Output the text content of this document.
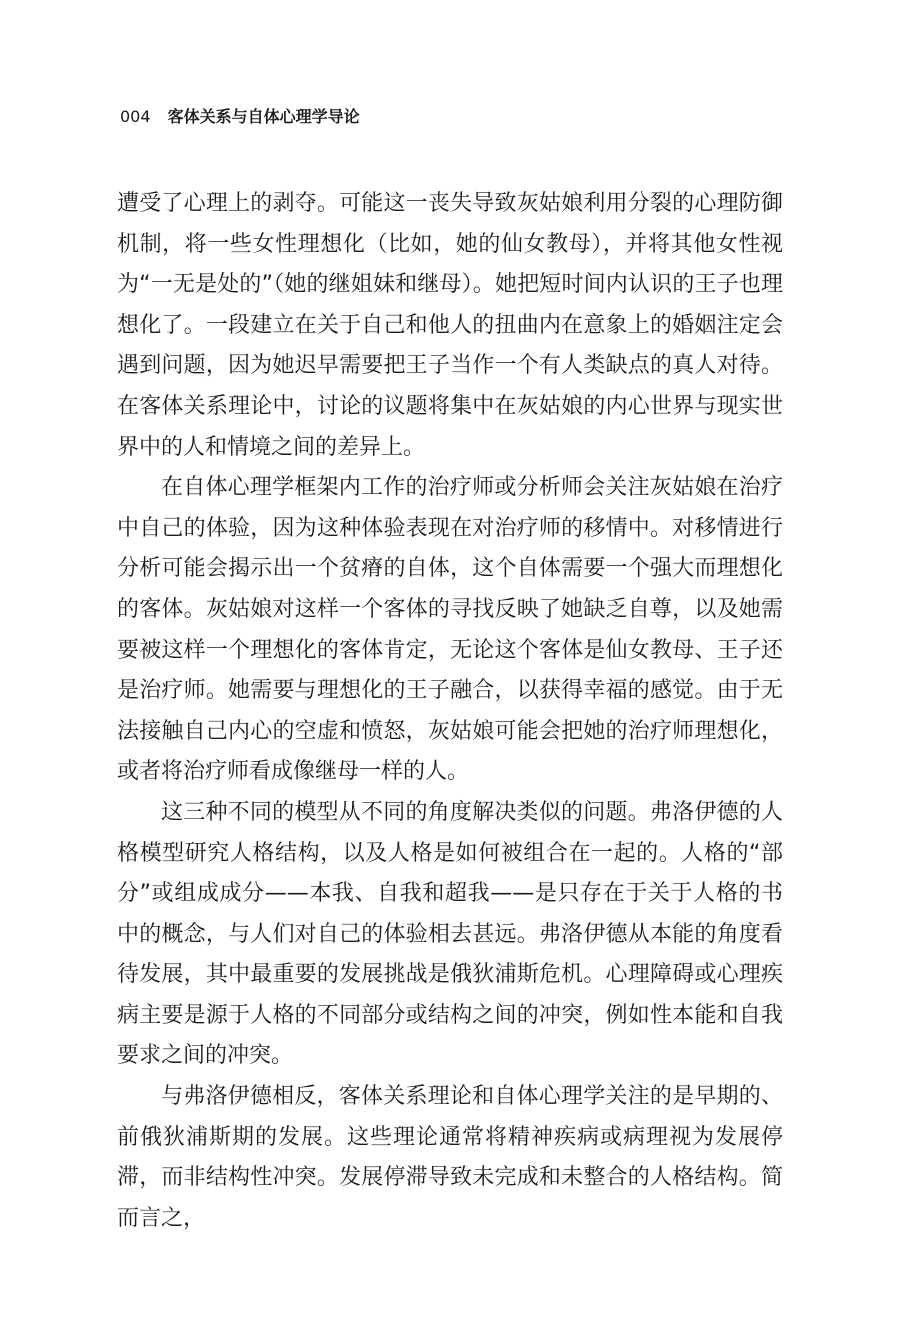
004 客体关系与自体心理学导论

遭受了心理上的剥夺。可能这一丧失导致灰姑娘利用分裂的心理防御机制，将一些女性理想化（比如，她的仙女教母），并将其他女性视为“一无是处的”（她的继姐妹和继母）。她把短时间内认识的王子也理想化了。一段建立在关于自己和他人的扭曲内在意象上的婚姻注定会遇到问题，因为她迟早需要把王子当作一个有人类缺点的真人对待。在客体关系理论中，讨论的议题将集中在灰姑娘的内心世界与现实世界中的人和情境之间的差异上。

在自体心理学框架内工作的治疗师或分析师会关注灰姑娘在治疗中自己的体验，因为这种体验表现在对治疗师的移情中。对移情进行分析可能会揭示出一个贫瘠的自体，这个自体需要一个强大而理想化的客体。灰姑娘对这样一个客体的寻找反映了她缺乏自尊，以及她需要被这样一个理想化的客体肯定，无论这个客体是仙女教母、王子还是治疗师。她需要与理想化的王子融合，以获得幸福的感觉。由于无法接触自己内心的空虚和愤怒，灰姑娘可能会把她的治疗师理想化，或者将治疗师看成像继母一样的人。

这三种不同的模型从不同的角度解决类似的问题。弗洛伊德的人格模型研究人格结构，以及人格是如何被组合在一起的。人格的“部分”或组成成分——本我、自我和超我——是只存在于关于人格的书中的概念，与人们对自己的体验相去甚远。弗洛伊德从本能的角度看待发展，其中最重要的发展挑战是俄狄浦斯危机。心理障碍或心理疾病主要是源于人格的不同部分或结构之间的冲突，例如性本能和自我要求之间的冲突。

与弗洛伊德相反，客体关系理论和自体心理学关注的是早期的、前俄狄浦斯期的发展。这些理论通常将精神疾病或病理视为发展停滞，而非结构性冲突。发展停滞导致未完成和未整合的人格结构。简而言之，
